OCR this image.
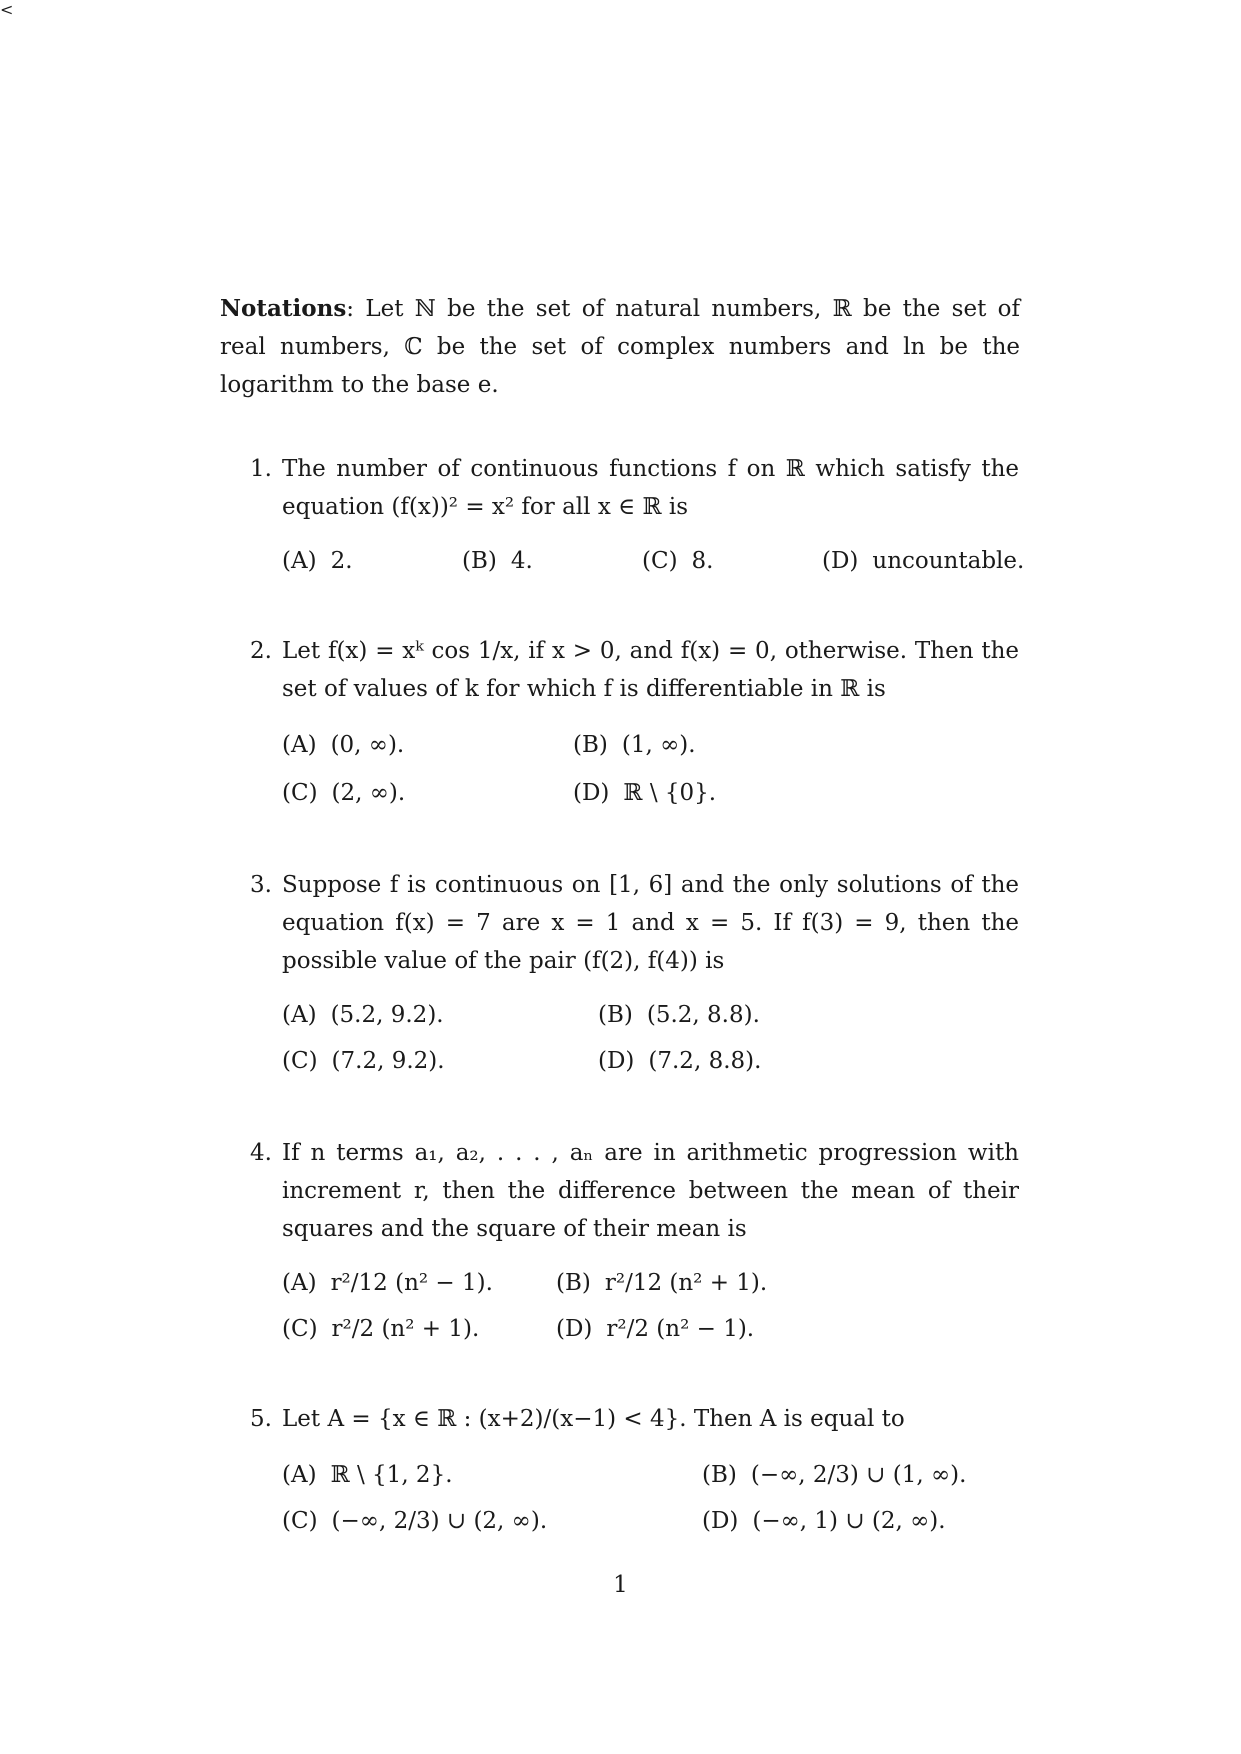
Notations: Let ℕ be the set of natural numbers, ℝ be the set of real numbers, ℂ be the set of complex numbers and ln be the logarithm to the base e.
1. The number of continuous functions f on ℝ which satisfy the equation (f(x))² = x² for all x ∈ ℝ is
(A) 2.	(B) 4.	(C) 8.	(D) uncountable.
2. Let f(x) = xᵏ cos 1/x, if x > 0, and f(x) = 0, otherwise. Then the set of values of k for which f is differentiable in ℝ is
(A) (0, ∞).	(B) (1, ∞).
(C) (2, ∞).	(D) ℝ \ {0}.
3. Suppose f is continuous on [1, 6] and the only solutions of the equation f(x) = 7 are x = 1 and x = 5. If f(3) = 9, then the possible value of the pair (f(2), f(4)) is
(A) (5.2, 9.2).	(B) (5.2, 8.8).
(C) (7.2, 9.2).	(D) (7.2, 8.8).
<
4. If n terms a₁, a₂, . . . , aₙ are in arithmetic progression with increment r, then the difference between the mean of their squares and the square of their mean is
(A) r²/12 (n² − 1).	(B) r²/12 (n² + 1).
(C) r²/2 (n² + 1).	(D) r²/2 (n² − 1).
5. Let A = {x ∈ ℝ : (x+2)/(x−1) < 4}. Then A is equal to
(A) ℝ \ {1, 2}.	(B) (−∞, 2/3) ∪ (1, ∞).
(C) (−∞, 2/3) ∪ (2, ∞).	(D) (−∞, 1) ∪ (2, ∞).
1
